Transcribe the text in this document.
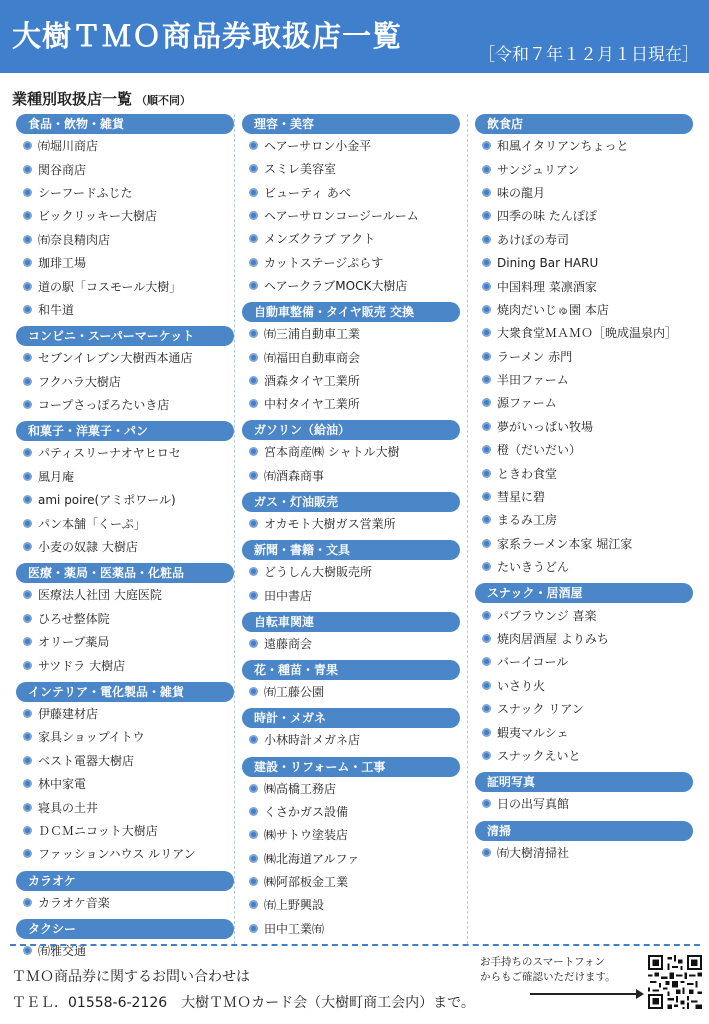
大樹ＴＭＯ商品券取扱店一覧
［令和７年１２月１日現在］
業種別取扱店一覧 （順不同）
食品・飲物・雑貨
㈲堀川商店
関谷商店
シーフードふじた
ビックリッキー大樹店
㈲奈良精肉店
珈琲工場
道の駅「コスモール大樹」
和牛道
コンビニ・スーパーマーケット
セブンイレブン大樹西本通店
フクハラ大樹店
コープさっぽろたいき店
和菓子・洋菓子・パン
パティスリーナオヤヒロセ
風月庵
ami poire(アミポワール)
パン本舗「くーぷ」
小麦の奴隷 大樹店
医療・薬局・医薬品・化粧品
医療法人社団 大庭医院
ひろせ整体院
オリーブ薬局
サツドラ 大樹店
インテリア・電化製品・雑貨
伊藤建材店
家具ショップイトウ
ベスト電器大樹店
林中家電
寝具の土井
ＤＣＭニコット大樹店
ファッションハウス ルリアン
カラオケ
カラオケ音楽
タクシー
㈲雅交通
理容・美容
ヘアーサロン小金平
スミレ美容室
ビューティ あべ
ヘアーサロンコージールーム
メンズクラブ アクト
カットステージぷらす
ヘアークラブMOCK大樹店
自動車整備・タイヤ販売 交換
㈲三浦自動車工業
㈲福田自動車商会
酒森タイヤ工業所
中村タイヤ工業所
ガソリン（給油）
宮本商産㈱ シャトル大樹
㈲酒森商事
ガス・灯油販売
オカモト大樹ガス営業所
新聞・書籍・文具
どうしん大樹販売所
田中書店
自転車関連
遠藤商会
花・種苗・青果
㈲工藤公園
時計・メガネ
小林時計メガネ店
建設・リフォーム・工事
㈱高橋工務店
くさかガス設備
㈱サトウ塗装店
㈱北海道アルファ
㈱阿部板金工業
㈲上野興設
田中工業㈲
飲食店
和風イタリアンちょっと
サンジュリアン
味の龍月
四季の味 たんぽぽ
あけぼの寿司
Dining Bar HARU
中国料理 菜凛酒家
焼肉だいじゅ園 本店
大衆食堂ＭＡＭＯ［晩成温泉内］
ラーメン 赤門
半田ファーム
源ファーム
夢がいっぱい牧場
橙（だいだい）
ときわ食堂
彗星に碧
まるみ工房
家系ラーメン本家 堀江家
たいきうどん
スナック・居酒屋
パブラウンジ 喜楽
焼肉居酒屋 よりみち
バーイコール
いさり火
スナック リアン
蝦夷マルシェ
スナックえいと
証明写真
日の出写真館
清掃
㈲大樹清掃社
ＴＭＯ商品券に関するお問い合わせは
ＴＥＬ．01558-6-2126　大樹ＴＭＯカード会（大樹町商工会内）まで。
お手持ちのスマートフォン
からもご確認いただけます。
